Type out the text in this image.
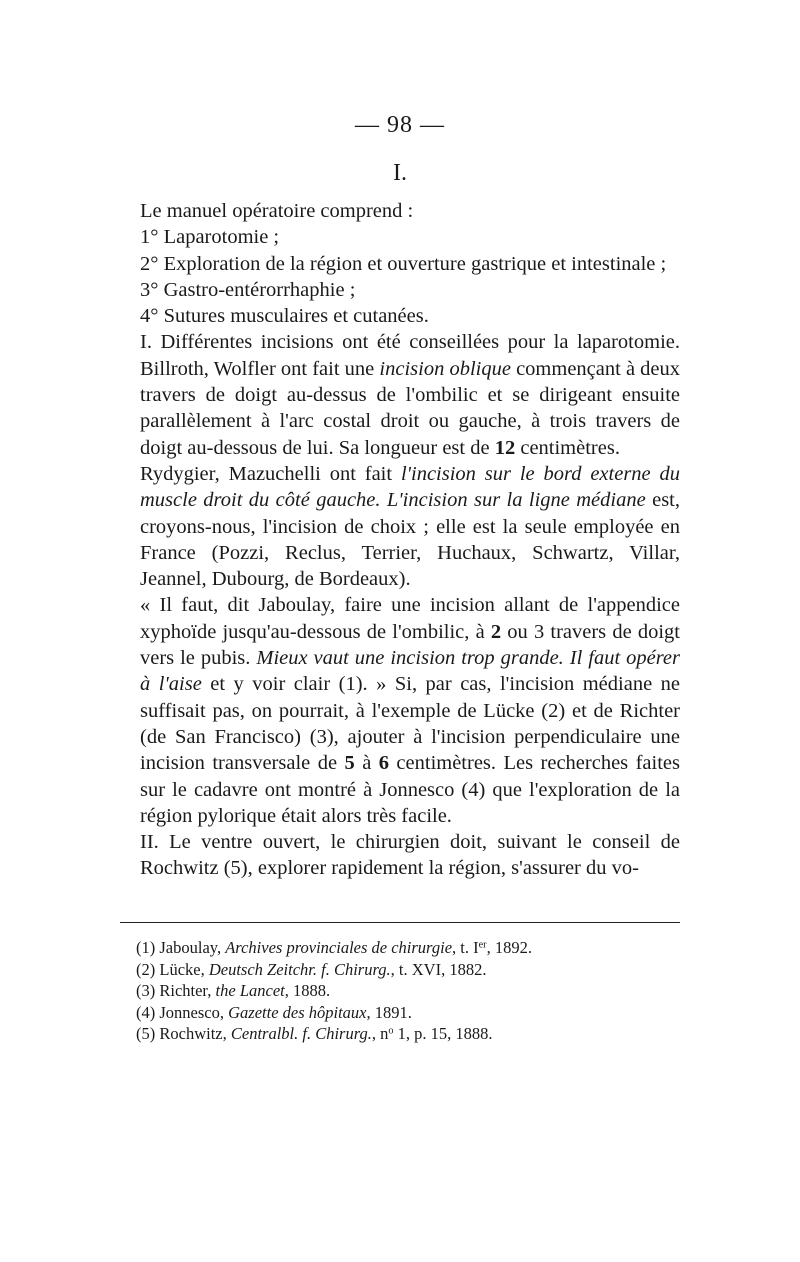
— 98 —
I.

Le manuel opératoire comprend :

1° Laparotomie ;

2° Exploration de la région et ouverture gastrique et intestinale ;

3° Gastro-entérorrhaphie ;

4° Sutures musculaires et cutanées.

I. Différentes incisions ont été conseillées pour la laparotomie. Billroth, Wolfler ont fait une incision oblique commençant à deux travers de doigt au-dessus de l'ombilic et se dirigeant ensuite parallèlement à l'arc costal droit ou gauche, à trois travers de doigt au-dessous de lui. Sa longueur est de 12 centimètres.

Rydygier, Mazuchelli ont fait l'incision sur le bord externe du muscle droit du côté gauche. L'incision sur la ligne médiane est, croyons-nous, l'incision de choix ; elle est la seule employée en France (Pozzi, Reclus, Terrier, Huchaux, Schwartz, Villar, Jeannel, Dubourg, de Bordeaux).

« Il faut, dit Jaboulay, faire une incision allant de l'appendice xyphoïde jusqu'au-dessous de l'ombilic, à 2 ou 3 travers de doigt vers le pubis. Mieux vaut une incision trop grande. Il faut opérer à l'aise et y voir clair (1). » Si, par cas, l'incision médiane ne suffisait pas, on pourrait, à l'exemple de Lücke (2) et de Richter (de San Francisco) (3), ajouter à l'incision perpendiculaire une incision transversale de 5 à 6 centimètres. Les recherches faites sur le cadavre ont montré à Jonnesco (4) que l'exploration de la région pylorique était alors très facile.

II. Le ventre ouvert, le chirurgien doit, suivant le conseil de Rochwitz (5), explorer rapidement la région, s'assurer du vo-

(1) Jaboulay, Archives provinciales de chirurgie, t. Ier, 1892.
(2) Lücke, Deutsch Zeitchr. f. Chirurg., t. XVI, 1882.
(3) Richter, the Lancet, 1888.
(4) Jonnesco, Gazette des hôpitaux, 1891.
(5) Rochwitz, Centralbl. f. Chirurg., $n^o$ 1, p. 15, 1888.
